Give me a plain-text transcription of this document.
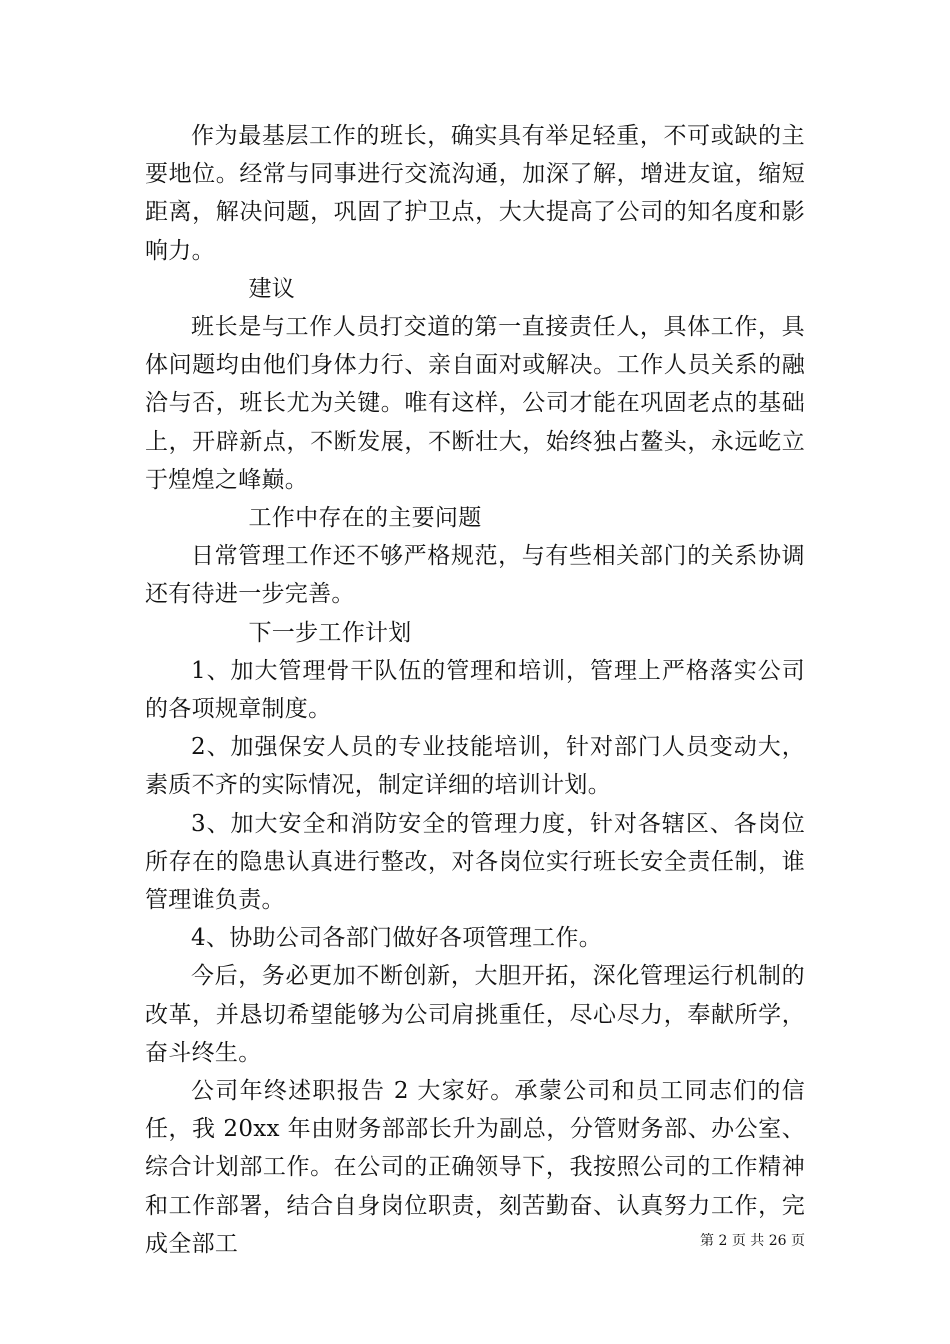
作为最基层工作的班长，确实具有举足轻重，不可或缺的主要地位。经常与同事进行交流沟通，加深了解，增进友谊，缩短距离，解决问题，巩固了护卫点，大大提高了公司的知名度和影响力。

建议

班长是与工作人员打交道的第一直接责任人，具体工作，具体问题均由他们身体力行、亲自面对或解决。工作人员关系的融洽与否，班长尤为关键。唯有这样，公司才能在巩固老点的基础上，开辟新点，不断发展，不断壮大，始终独占鳌头，永远屹立于煌煌之峰巅。

工作中存在的主要问题

日常管理工作还不够严格规范，与有些相关部门的关系协调还有待进一步完善。

下一步工作计划

1、加大管理骨干队伍的管理和培训，管理上严格落实公司的各项规章制度。

2、加强保安人员的专业技能培训，针对部门人员变动大，素质不齐的实际情况，制定详细的培训计划。

3、加大安全和消防安全的管理力度，针对各辖区、各岗位所存在的隐患认真进行整改，对各岗位实行班长安全责任制，谁管理谁负责。

4、协助公司各部门做好各项管理工作。

今后，务必更加不断创新，大胆开拓，深化管理运行机制的改革，并恳切希望能够为公司肩挑重任，尽心尽力，奉献所学，奋斗终生。

公司年终述职报告 2 大家好。承蒙公司和员工同志们的信任，我 20xx 年由财务部部长升为副总，分管财务部、办公室、综合计划部工作。在公司的正确领导下，我按照公司的工作精神和工作部署，结合自身岗位职责，刻苦勤奋、认真努力工作，完成全部工	第 2 页 共 26 页
